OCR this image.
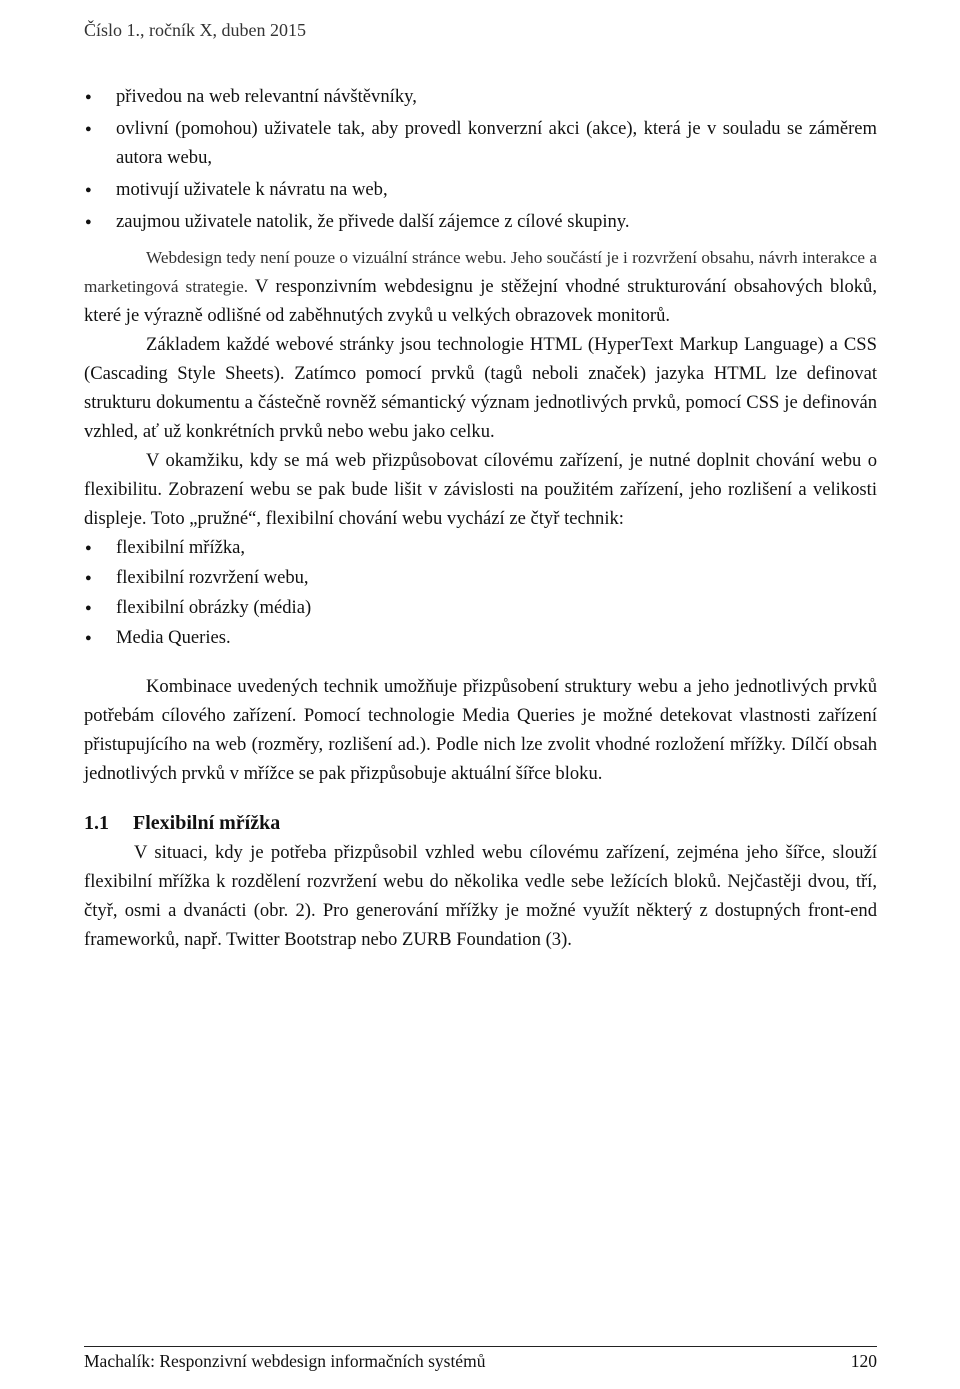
Číslo 1., ročník X, duben 2015
● přivedou na web relevantní návštěvníky,
● ovlivní (pomohou) uživatele tak, aby provedl konverzní akci (akce), která je v souladu se záměrem autora webu,
● motivují uživatele k návratu na web,
● zaujmou uživatele natolik, že přivede další zájemce z cílové skupiny.

Webdesign tedy není pouze o vizuální stránce webu. Jeho součástí je i rozvržení obsahu, návrh interakce a marketingová strategie. V responzivním webdesignu je stěžejní vhodné strukturování obsahových bloků, které je výrazně odlišné od zaběhnutých zvyků u velkých obrazovek monitorů.

Základem každé webové stránky jsou technologie HTML (HyperText Markup Language) a CSS (Cascading Style Sheets). Zatímco pomocí prvků (tagů neboli značek) jazyka HTML lze definovat strukturu dokumentu a částečně rovněž sémantický význam jednotlivých prvků, pomocí CSS je definován vzhled, ať už konkrétních prvků nebo webu jako celku.

V okamžiku, kdy se má web přizpůsobovat cílovému zařízení, je nutné doplnit chování webu o flexibilitu. Zobrazení webu se pak bude lišit v závislosti na použitém zařízení, jeho rozlišení a velikosti displeje. Toto „pružné“, flexibilní chování webu vychází ze čtyř technik:

● flexibilní mřížka,
● flexibilní rozvržení webu,
● flexibilní obrázky (média)
● Media Queries.

Kombinace uvedených technik umožňuje přizpůsobení struktury webu a jeho jednotlivých prvků potřebám cílového zařízení. Pomocí technologie Media Queries je možné detekovat vlastnosti zařízení přistupujícího na web (rozměry, rozlišení ad.). Podle nich lze zvolit vhodné rozložení mřížky. Dílčí obsah jednotlivých prvků v mřížce se pak přizpůsobuje aktuální šířce bloku.

1.1 Flexibilní mřížka

V situaci, kdy je potřeba přizpůsobil vzhled webu cílovému zařízení, zejména jeho šířce, slouží flexibilní mřížka k rozdělení rozvržení webu do několika vedle sebe ležících bloků. Nejčastěji dvou, tří, čtyř, osmi a dvanácti (obr. 2). Pro generování mřížky je možné využít některý z dostupných front-end frameworků, např. Twitter Bootstrap nebo ZURB Foundation (3).

Machalík: Responzivní webdesign informačních systémů	120
